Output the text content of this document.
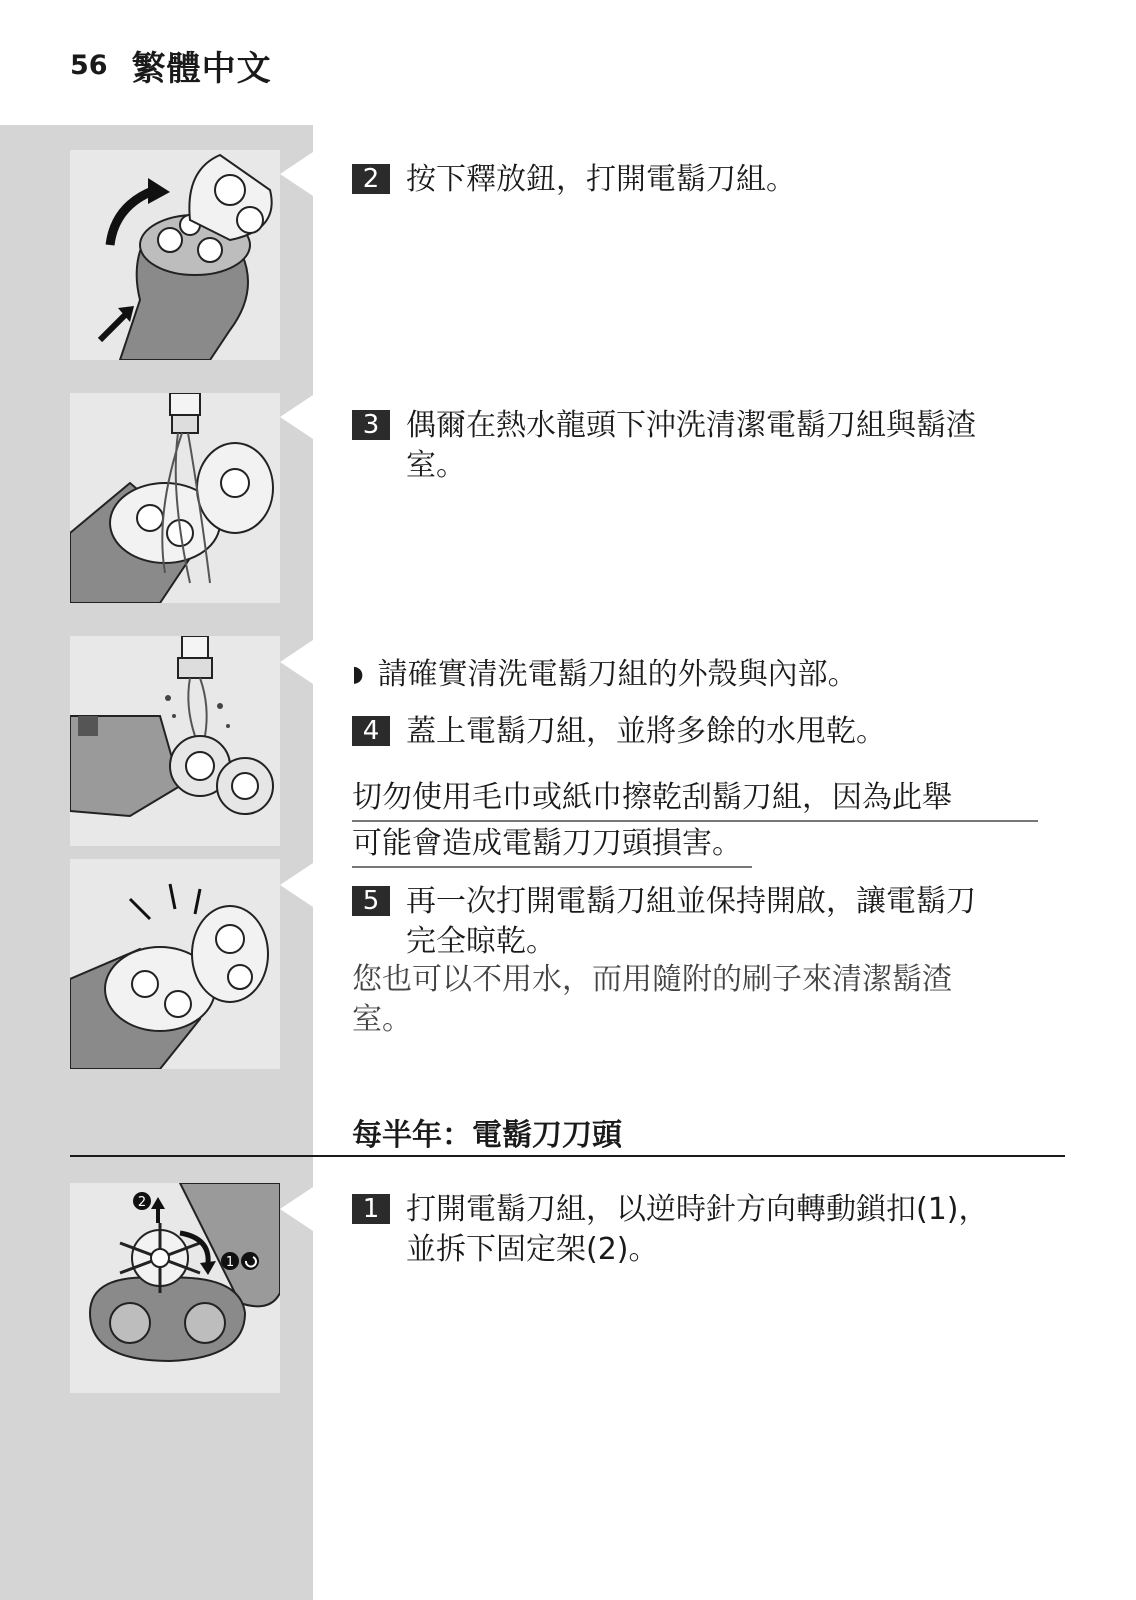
56 繁體中文
2
1
2 按下釋放鈕，打開電鬍刀組。
3 偶爾在熱水龍頭下沖洗清潔電鬍刀組與鬍渣
室。
◗ 請確實清洗電鬍刀組的外殼與內部。
4 蓋上電鬍刀組，並將多餘的水甩乾。
切勿使用毛巾或紙巾擦乾刮鬍刀組，因為此舉
可能會造成電鬍刀刀頭損害。
5 再一次打開電鬍刀組並保持開啟，讓電鬍刀
完全晾乾。
您也可以不用水，而用隨附的刷子來清潔鬍渣
室。
每半年：電鬍刀刀頭
1 打開電鬍刀組，以逆時針方向轉動鎖扣(1)，
並拆下固定架(2)。
